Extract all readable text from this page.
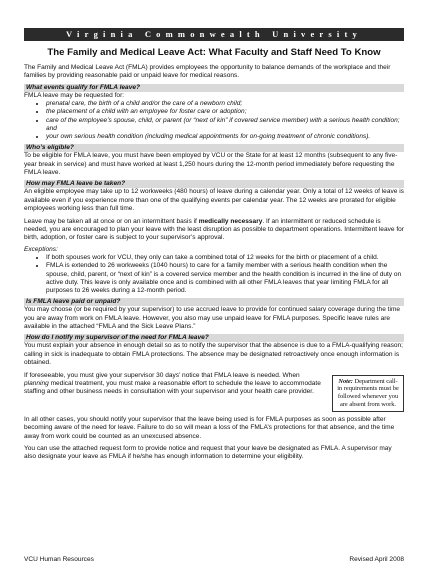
Virginia Commonwealth University
The Family and Medical Leave Act: What Faculty and Staff Need To Know

The Family and Medical Leave Act (FMLA) provides employees the opportunity to balance demands of the workplace and their families by providing reasonable paid or unpaid leave for medical reasons.

What events qualify for FMLA leave?

FMLA leave may be requested for:

• prenatal care, the birth of a child and/or the care of a newborn child;
• the placement of a child with an employee for foster care or adoption;
• care of the employee’s spouse, child, or parent (or “next of kin” if covered service member) with a serious health condition; and
• your own serious health condition (including medical appointments for on-going treatment of chronic conditions).
Who’s eligible?

To be eligible for FMLA leave, you must have been employed by VCU or the State for at least 12 months (subsequent to any five-year break in service) and must have worked at least 1,250 hours during the 12-month period immediately before requesting the FMLA leave.

How may FMLA leave be taken?

An eligible employee may take up to 12 workweeks (480 hours) of leave during a calendar year. Only a total of 12 weeks of leave is available even if you experience more than one of the qualifying events per calendar year. The 12 weeks are prorated for eligible employees working less than full time.

Leave may be taken all at once or on an intermittent basis if medically necessary. If an intermittent or reduced schedule is needed, you are encouraged to plan your leave with the least disruption as possible to department operations. Intermittent leave for birth, adoption, or foster care is subject to your supervisor’s approval.

Exceptions:
• If both spouses work for VCU, they only can take a combined total of 12 weeks for the birth or placement of a child.
• FMLA is extended to 26 workweeks (1040 hours) to care for a family member with a serious health condition when the spouse, child, parent, or “next of kin” is a covered service member and the health condition is incurred in the line of duty on active duty. This leave is only available once and is combined with all other FMLA leaves that year limiting FMLA for all purposes to 26 weeks during a 12-month period.
Is FMLA leave paid or unpaid?

You may choose (or be required by your supervisor) to use accrued leave to provide for continued salary coverage during the time you are away from work on FMLA leave. However, you also may use unpaid leave for FMLA purposes. Specific leave rules are available in the attached “FMLA and the Sick Leave Plans.”

How do I notify my supervisor of the need for FMLA leave?

You must explain your absence in enough detail so as to notify the supervisor that the absence is due to a FMLA-qualifying reason; calling in sick is inadequate to obtain FMLA protections. The absence may be designated retroactively once enough information is obtained.

If foreseeable, you must give your supervisor 30 days’ notice that FMLA leave is needed. When planning medical treatment, you must make a reasonable effort to schedule the leave to accommodate staffing and other business needs in consultation with your supervisor and your health care provider.

Note: Department call-in requirements must be followed whenever you are absent from work.

In all other cases, you should notify your supervisor that the leave being used is for FMLA purposes as soon as possible after becoming aware of the need for leave. Failure to do so will mean a loss of the FMLA’s protections for that absence, and the time away from work could be counted as an unexcused absence.

You can use the attached request form to provide notice and request that your leave be designated as FMLA. A supervisor may also designate your leave as FMLA if he/she has enough information to determine your eligibility.

VCU Human Resources	Revised April 2008
